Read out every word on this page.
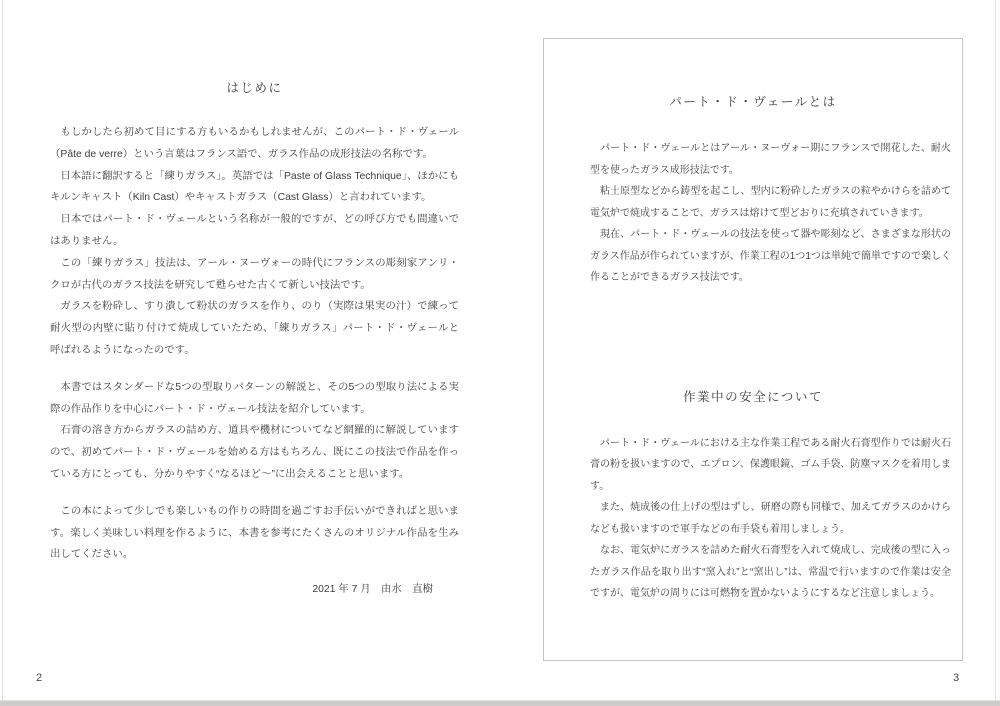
はじめに

もしかしたら初めて目にする方もいるかもしれませんが、このパート・ド・ヴェール（Pâte de verre）という言葉はフランス語で、ガラス作品の成形技法の名称です。

日本語に翻訳すると「練りガラス」。英語では「Paste of Glass Technique」、ほかにもキルンキャスト（Kiln Cast）やキャストガラス（Cast Glass）と言われています。

日本ではパート・ド・ヴェールという名称が一般的ですが、どの呼び方でも間違いではありません。

この「練りガラス」技法は、アール・ヌーヴォーの時代にフランスの彫刻家アンリ・クロが古代のガラス技法を研究して甦らせた古くて新しい技法です。

ガラスを粉砕し、すり潰して粉状のガラスを作り、のり（実際は果実の汁）で練って耐火型の内壁に貼り付けて焼成していたため、「練りガラス」パート・ド・ヴェールと呼ばれるようになったのです。

本書ではスタンダードな5つの型取りパターンの解説と、その5つの型取り法による実際の作品作りを中心にパート・ド・ヴェール技法を紹介しています。

石膏の溶き方からガラスの詰め方、道具や機材についてなど網羅的に解説していますので、初めてパート・ド・ヴェールを始める方はもちろん、既にこの技法で作品を作っている方にとっても、分かりやすく“なるほど〜”に出会えることと思います。

この本によって少しでも楽しいもの作りの時間を過ごすお手伝いができればと思います。楽しく美味しい料理を作るように、本書を参考にたくさんのオリジナル作品を生み出してください。

2021 年 7 月　由水　直樹
パート・ド・ヴェールとは

パート・ド・ヴェールとはアール・ヌーヴォー期にフランスで開花した、耐火型を使ったガラス成形技法です。

粘土原型などから鋳型を起こし、型内に粉砕したガラスの粒やかけらを詰めて電気炉で焼成することで、ガラスは熔けて型どおりに充填されていきます。

現在、パート・ド・ヴェールの技法を使って器や彫刻など、さまざまな形状のガラス作品が作られていますが、作業工程の1つ1つは単純で簡単ですので楽しく作ることができるガラス技法です。

作業中の安全について

パート・ド・ヴェールにおける主な作業工程である耐火石膏型作りでは耐火石膏の粉を扱いますので、エプロン、保護眼鏡、ゴム手袋、防塵マスクを着用します。

また、焼成後の仕上げの型はずし、研磨の際も同様で、加えてガラスのかけらなども扱いますので軍手などの布手袋も着用しましょう。

なお、電気炉にガラスを詰めた耐火石膏型を入れて焼成し、完成後の型に入ったガラス作品を取り出す“窯入れ”と“窯出し”は、常温で行いますので作業は安全ですが、電気炉の周りには可燃物を置かないようにするなど注意しましょう。

2	3
